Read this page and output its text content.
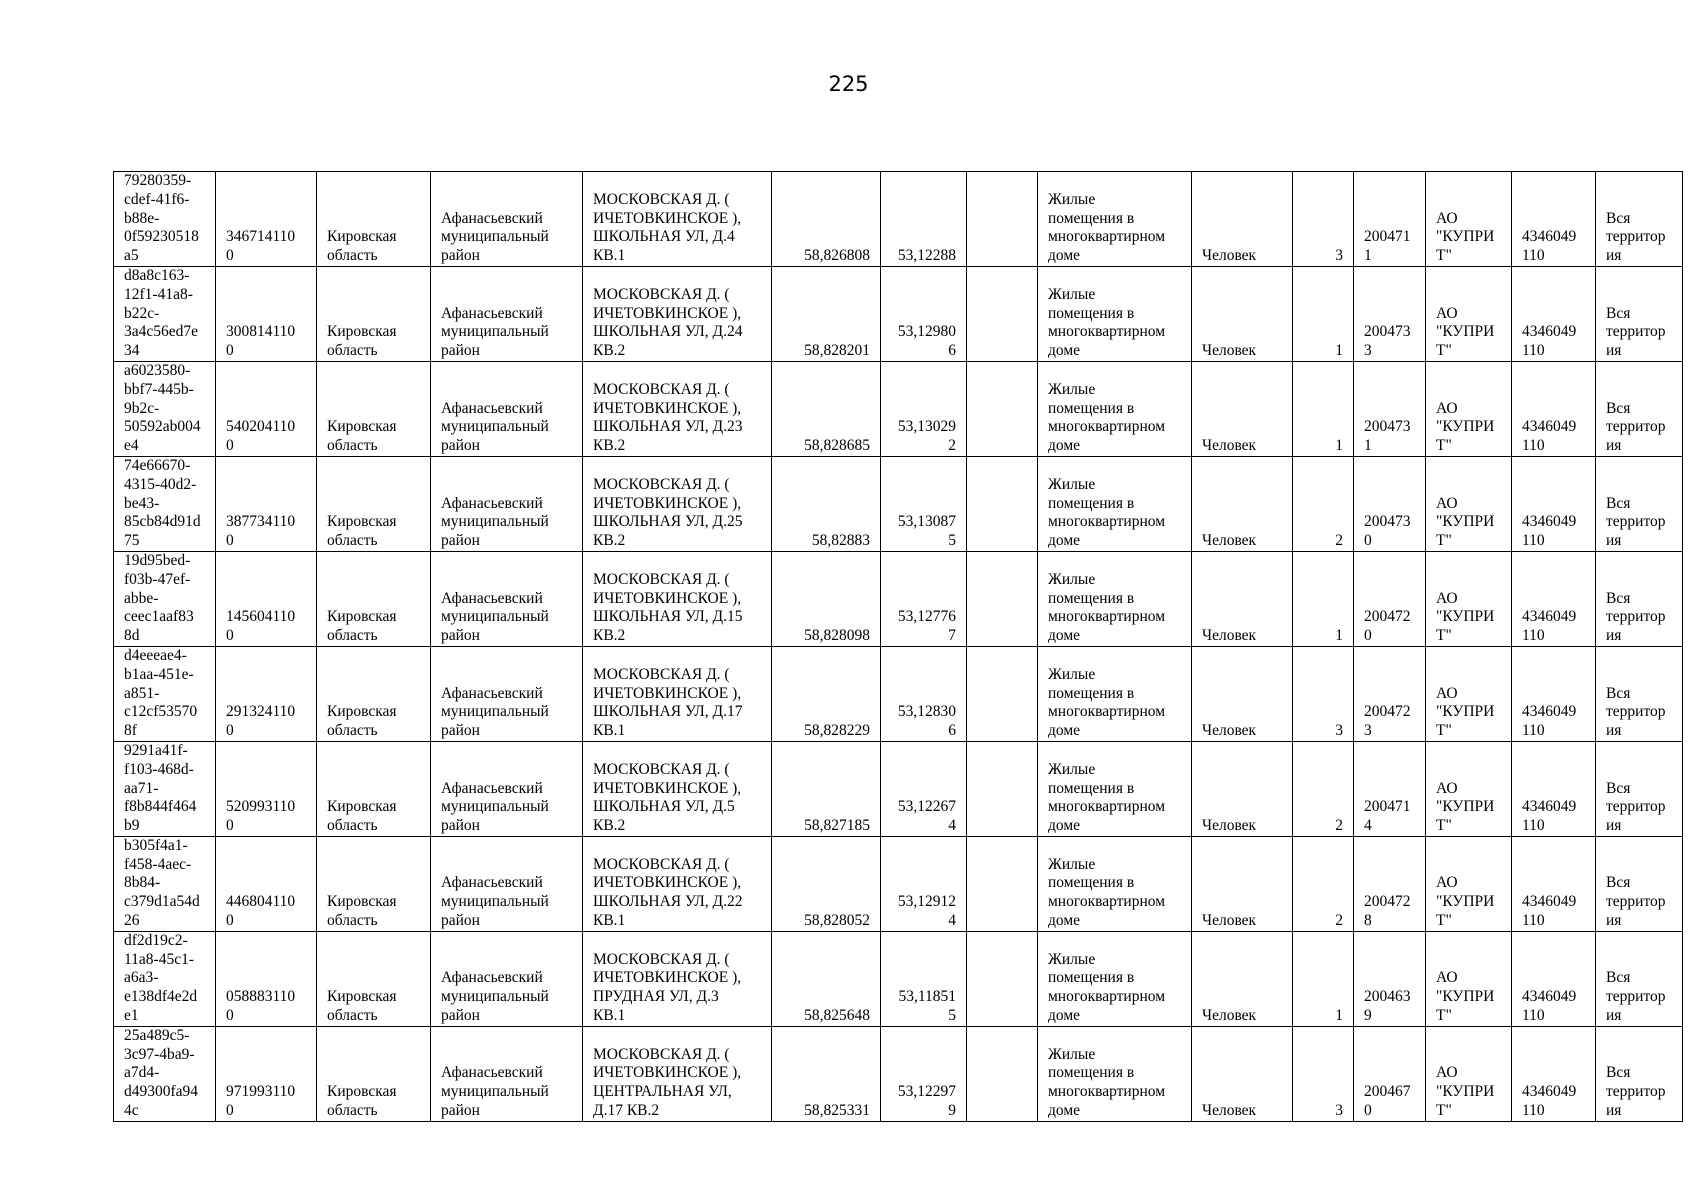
225
79280359-
cdef-41f6-
b88e-
0f59230518
a5	346714110
0	Кировская
область	Афанасьевский
муниципальный
район	МОСКОВСКАЯ Д. (
ИЧЕТОВКИНСКОЕ ),
ШКОЛЬНАЯ УЛ, Д.4
КВ.1	58,826808	53,12288		Жилые
помещения в
многоквартирном
доме	Человек	3	200471
1	АО
"КУПРИ
Т"	4346049
110	Вся
территор
ия
d8a8c163-
12f1-41a8-
b22c-
3a4c56ed7e
34	300814110
0	Кировская
область	Афанасьевский
муниципальный
район	МОСКОВСКАЯ Д. (
ИЧЕТОВКИНСКОЕ ),
ШКОЛЬНАЯ УЛ, Д.24
КВ.2	58,828201	53,12980
6		Жилые
помещения в
многоквартирном
доме	Человек	1	200473
3	АО
"КУПРИ
Т"	4346049
110	Вся
территор
ия
a6023580-
bbf7-445b-
9b2c-
50592ab004
e4	540204110
0	Кировская
область	Афанасьевский
муниципальный
район	МОСКОВСКАЯ Д. (
ИЧЕТОВКИНСКОЕ ),
ШКОЛЬНАЯ УЛ, Д.23
КВ.2	58,828685	53,13029
2		Жилые
помещения в
многоквартирном
доме	Человек	1	200473
1	АО
"КУПРИ
Т"	4346049
110	Вся
территор
ия
74e66670-
4315-40d2-
be43-
85cb84d91d
75	387734110
0	Кировская
область	Афанасьевский
муниципальный
район	МОСКОВСКАЯ Д. (
ИЧЕТОВКИНСКОЕ ),
ШКОЛЬНАЯ УЛ, Д.25
КВ.2	58,82883	53,13087
5		Жилые
помещения в
многоквартирном
доме	Человек	2	200473
0	АО
"КУПРИ
Т"	4346049
110	Вся
территор
ия
19d95bed-
f03b-47ef-
abbe-
ceec1aaf83
8d	145604110
0	Кировская
область	Афанасьевский
муниципальный
район	МОСКОВСКАЯ Д. (
ИЧЕТОВКИНСКОЕ ),
ШКОЛЬНАЯ УЛ, Д.15
КВ.2	58,828098	53,12776
7		Жилые
помещения в
многоквартирном
доме	Человек	1	200472
0	АО
"КУПРИ
Т"	4346049
110	Вся
территор
ия
d4eeeae4-
b1aa-451e-
a851-
c12cf53570
8f	291324110
0	Кировская
область	Афанасьевский
муниципальный
район	МОСКОВСКАЯ Д. (
ИЧЕТОВКИНСКОЕ ),
ШКОЛЬНАЯ УЛ, Д.17
КВ.1	58,828229	53,12830
6		Жилые
помещения в
многоквартирном
доме	Человек	3	200472
3	АО
"КУПРИ
Т"	4346049
110	Вся
территор
ия
9291a41f-
f103-468d-
aa71-
f8b844f464
b9	520993110
0	Кировская
область	Афанасьевский
муниципальный
район	МОСКОВСКАЯ Д. (
ИЧЕТОВКИНСКОЕ ),
ШКОЛЬНАЯ УЛ, Д.5
КВ.2	58,827185	53,12267
4		Жилые
помещения в
многоквартирном
доме	Человек	2	200471
4	АО
"КУПРИ
Т"	4346049
110	Вся
территор
ия
b305f4a1-
f458-4aec-
8b84-
c379d1a54d
26	446804110
0	Кировская
область	Афанасьевский
муниципальный
район	МОСКОВСКАЯ Д. (
ИЧЕТОВКИНСКОЕ ),
ШКОЛЬНАЯ УЛ, Д.22
КВ.1	58,828052	53,12912
4		Жилые
помещения в
многоквартирном
доме	Человек	2	200472
8	АО
"КУПРИ
Т"	4346049
110	Вся
территор
ия
df2d19c2-
11a8-45c1-
a6a3-
e138df4e2d
e1	058883110
0	Кировская
область	Афанасьевский
муниципальный
район	МОСКОВСКАЯ Д. (
ИЧЕТОВКИНСКОЕ ),
ПРУДНАЯ УЛ, Д.3
КВ.1	58,825648	53,11851
5		Жилые
помещения в
многоквартирном
доме	Человек	1	200463
9	АО
"КУПРИ
Т"	4346049
110	Вся
территор
ия
25a489c5-
3c97-4ba9-
a7d4-
d49300fa94
4c	971993110
0	Кировская
область	Афанасьевский
муниципальный
район	МОСКОВСКАЯ Д. (
ИЧЕТОВКИНСКОЕ ),
ЦЕНТРАЛЬНАЯ УЛ,
Д.17 КВ.2	58,825331	53,12297
9		Жилые
помещения в
многоквартирном
доме	Человек	3	200467
0	АО
"КУПРИ
Т"	4346049
110	Вся
территор
ия
